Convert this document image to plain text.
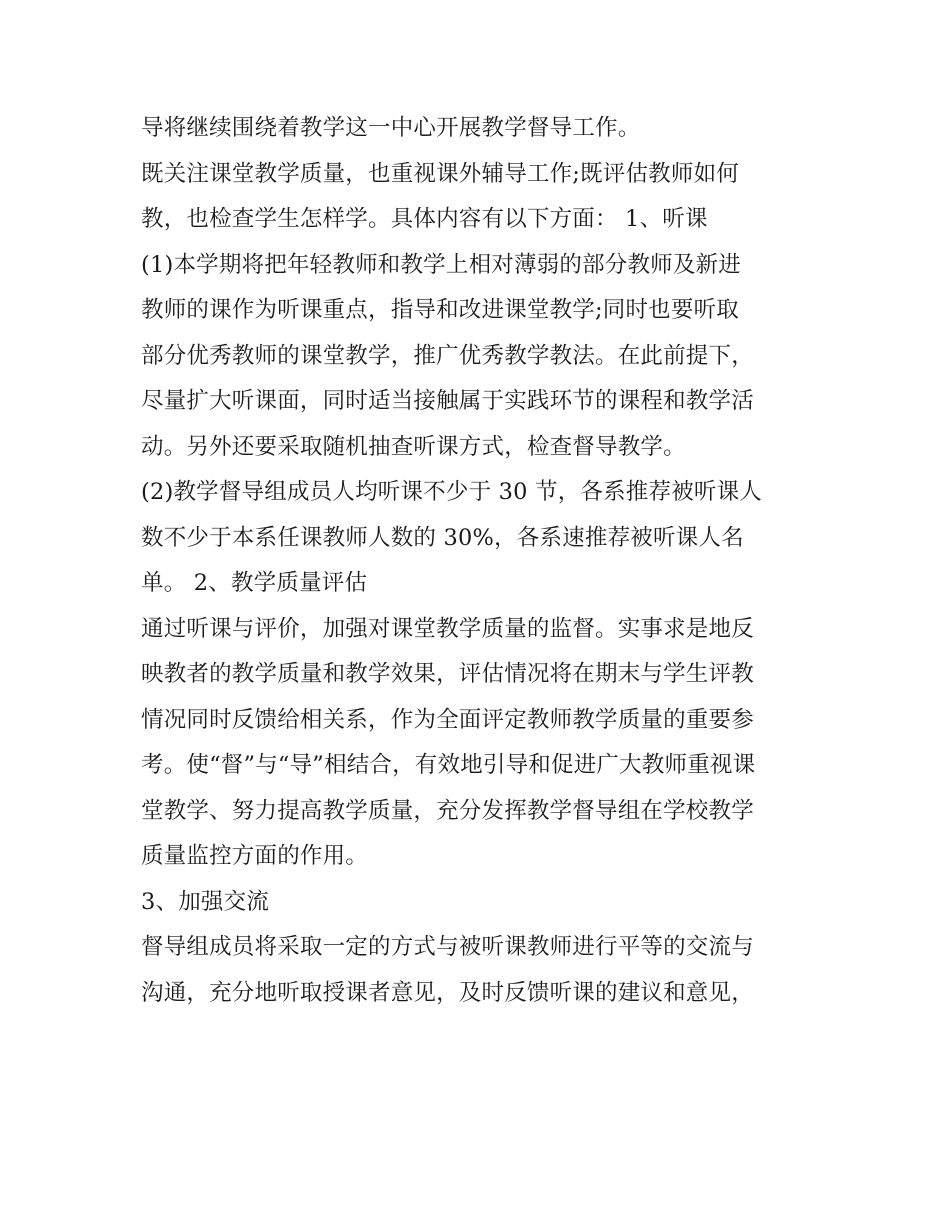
导将继续围绕着教学这一中心开展教学督导工作。
既关注课堂教学质量，也重视课外辅导工作;既评估教师如何
教，也检查学生怎样学。具体内容有以下方面： 1、听课
(1)本学期将把年轻教师和教学上相对薄弱的部分教师及新进
教师的课作为听课重点，指导和改进课堂教学;同时也要听取
部分优秀教师的课堂教学，推广优秀教学教法。在此前提下，
尽量扩大听课面，同时适当接触属于实践环节的课程和教学活
动。另外还要采取随机抽查听课方式，检查督导教学。
(2)教学督导组成员人均听课不少于 30 节，各系推荐被听课人
数不少于本系任课教师人数的 30%，各系速推荐被听课人名
单。 2、教学质量评估
通过听课与评价，加强对课堂教学质量的监督。实事求是地反
映教者的教学质量和教学效果，评估情况将在期末与学生评教
情况同时反馈给相关系，作为全面评定教师教学质量的重要参
考。使“督”与“导”相结合，有效地引导和促进广大教师重视课
堂教学、努力提高教学质量，充分发挥教学督导组在学校教学
质量监控方面的作用。
3、加强交流
督导组成员将采取一定的方式与被听课教师进行平等的交流与
沟通，充分地听取授课者意见，及时反馈听课的建议和意见，
